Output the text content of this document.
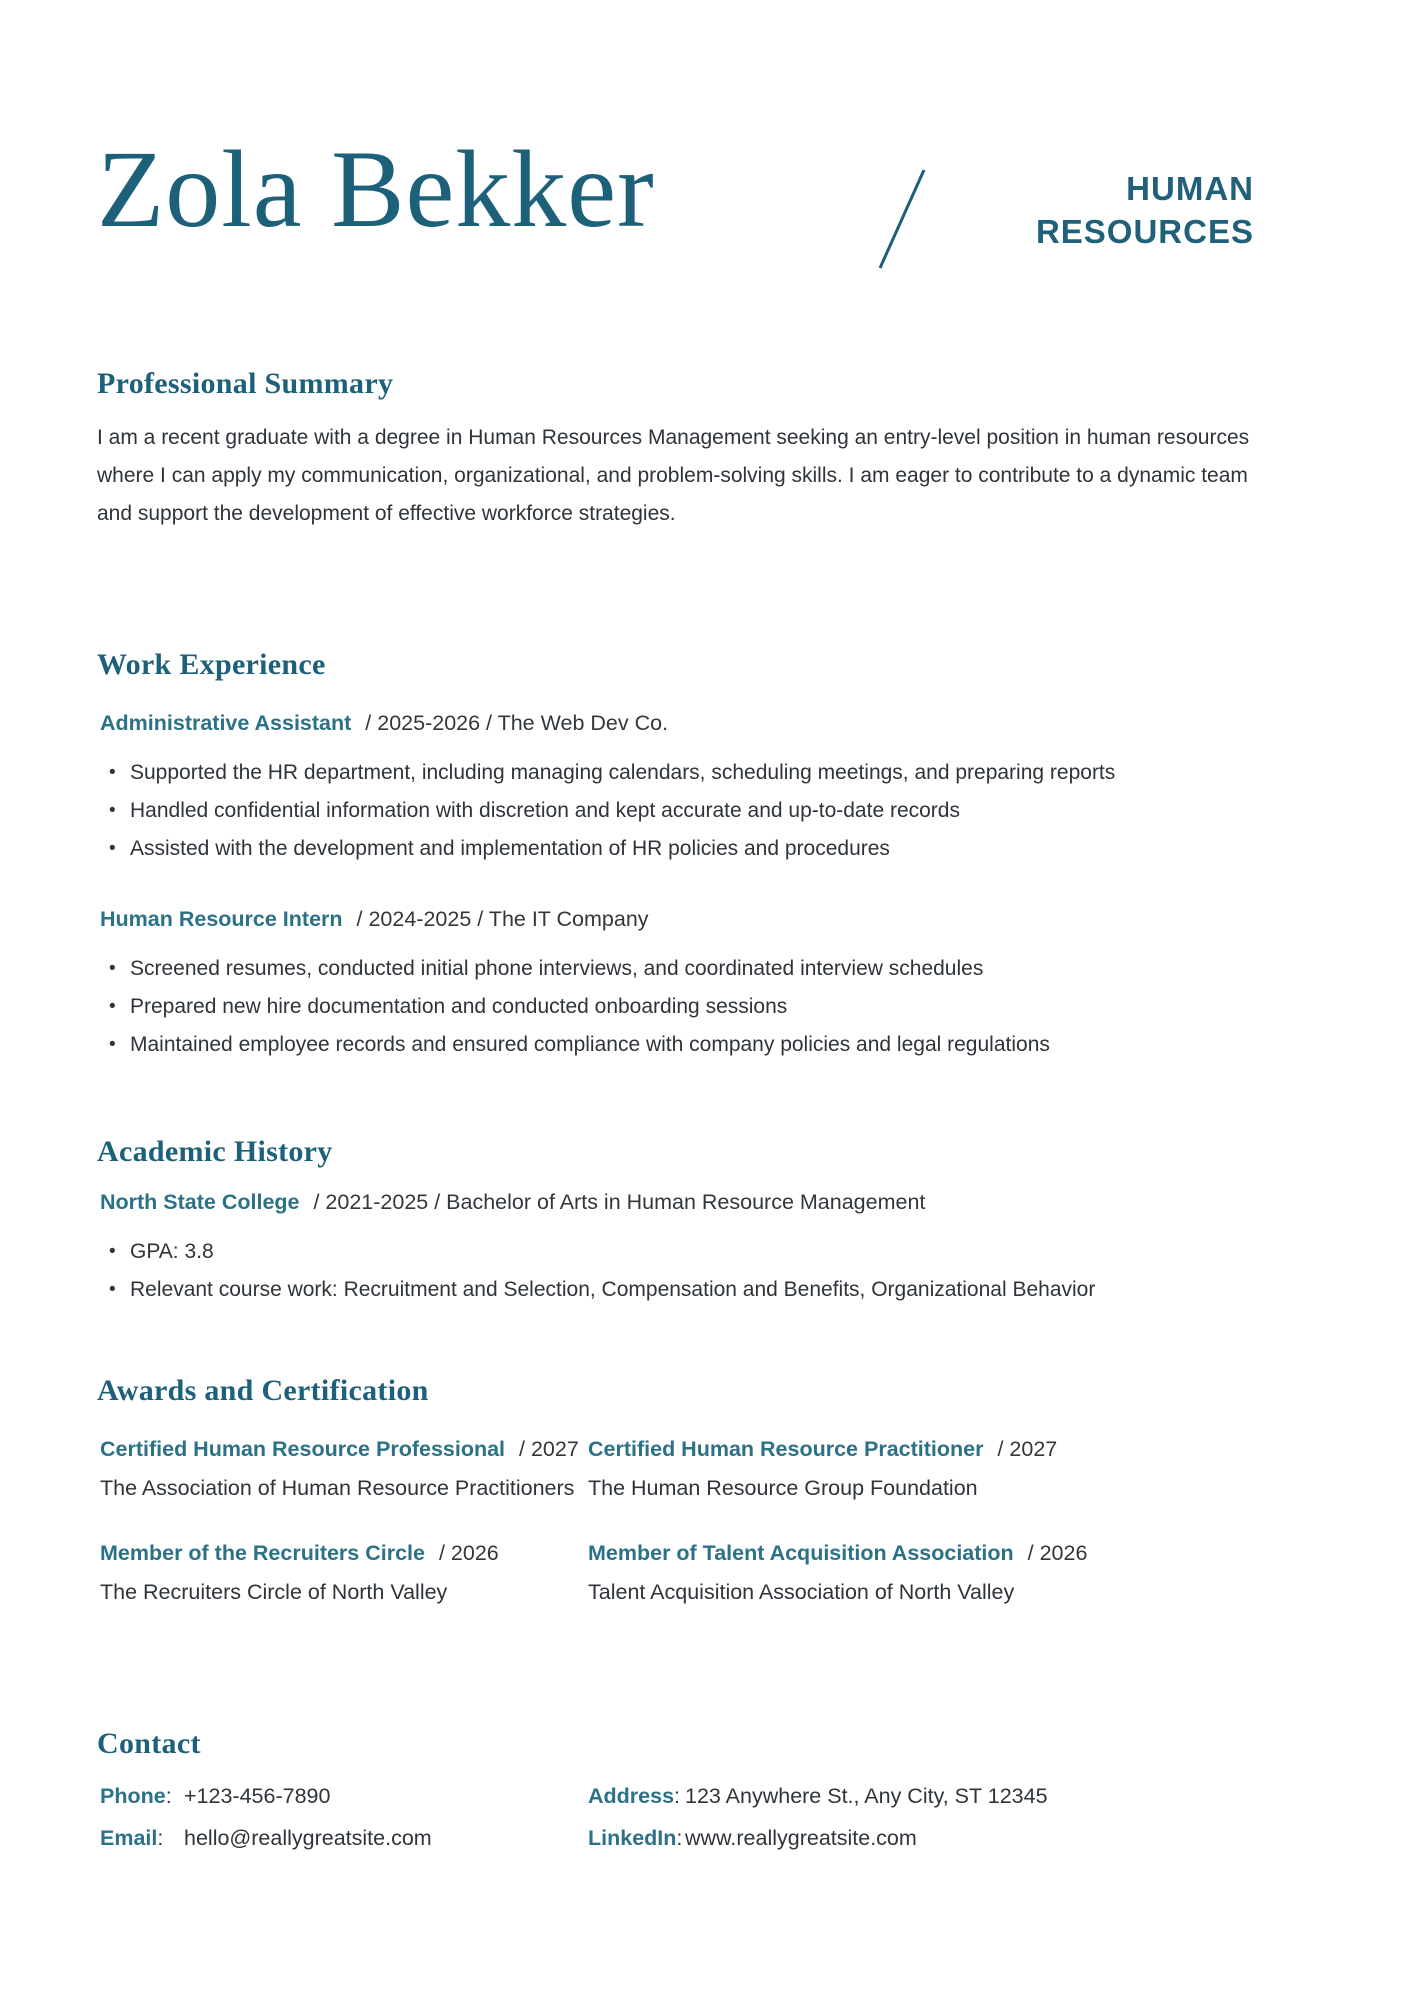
Zola Bekker	HUMAN
RESOURCES
Professional Summary

I am a recent graduate with a degree in Human Resources Management seeking an entry-level position in human resources where I can apply my communication, organizational, and problem-solving skills. I am eager to contribute to a dynamic team and support the development of effective workforce strategies.

Work Experience
Administrative Assistant / 2025-2026 / The Web Dev Co.
• Supported the HR department, including managing calendars, scheduling meetings, and preparing reports
• Handled confidential information with discretion and kept accurate and up-to-date records
• Assisted with the development and implementation of HR policies and procedures
Human Resource Intern / 2024-2025 / The IT Company
• Screened resumes, conducted initial phone interviews, and coordinated interview schedules
• Prepared new hire documentation and conducted onboarding sessions
• Maintained employee records and ensured compliance with company policies and legal regulations
Academic History
North State College / 2021-2025 / Bachelor of Arts in Human Resource Management
• GPA: 3.8
• Relevant course work: Recruitment and Selection, Compensation and Benefits, Organizational Behavior
Awards and Certification
Certified Human Resource Professional / 2027
The Association of Human Resource Practitioners
Certified Human Resource Practitioner / 2027
The Human Resource Group Foundation
Member of the Recruiters Circle / 2026
The Recruiters Circle of North Valley
Member of Talent Acquisition Association / 2026
Talent Acquisition Association of North Valley
Contact
Phone: +123-456-7890
Email: hello@reallygreatsite.com
Address: 123 Anywhere St., Any City, ST 12345
LinkedIn: www.reallygreatsite.com
